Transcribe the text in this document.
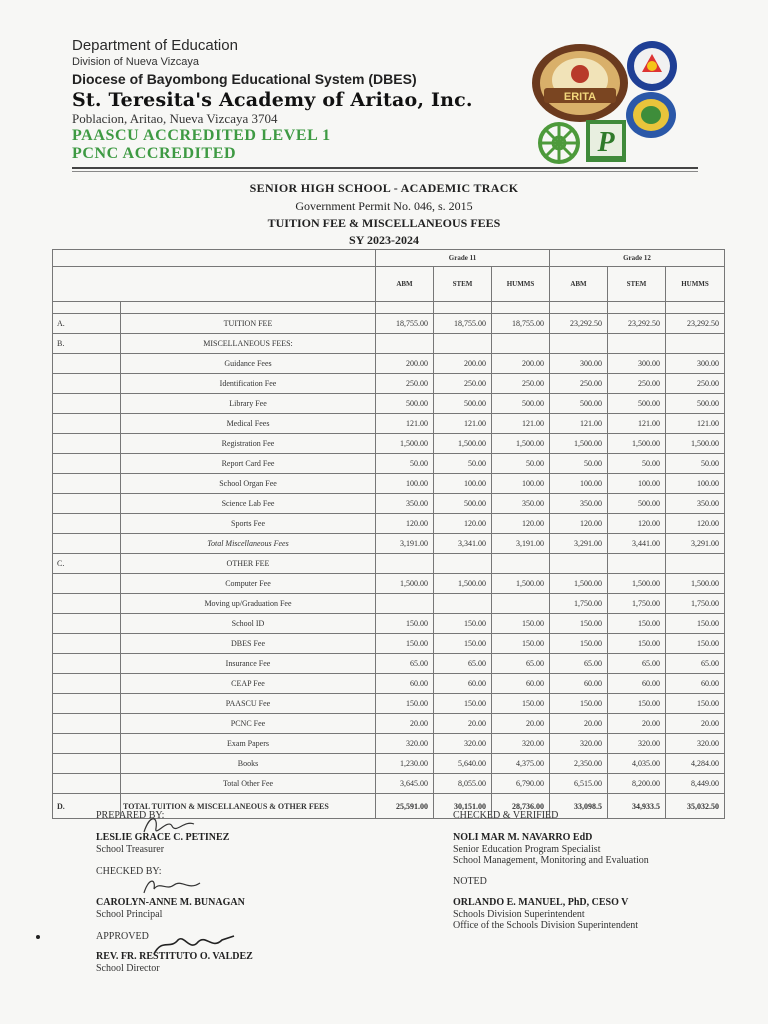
Department of Education
Division of Nueva Vizcaya
Diocese of Bayombong Educational System (DBES)
St. Teresita's Academy of Aritao, Inc.
Poblacion, Aritao, Nueva Vizcaya 3704
PAASCU ACCREDITED LEVEL 1
PCNC ACCREDITED
ERITA
P
SENIOR HIGH SCHOOL - ACADEMIC TRACK
Government Permit No. 046, s. 2015
TUITION FEE & MISCELLANEOUS FEES
SY 2023-2024
		Grade 11			Grade 12		
		ABM	STEM	HUMMS	ABM	STEM	HUMMS

A.	TUITION FEE	18,755.00	18,755.00	18,755.00	23,292.50	23,292.50	23,292.50
B.	MISCELLANEOUS FEES:						
	Guidance Fees	200.00	200.00	200.00	300.00	300.00	300.00
	Identification Fee	250.00	250.00	250.00	250.00	250.00	250.00
	Library Fee	500.00	500.00	500.00	500.00	500.00	500.00
	Medical Fees	121.00	121.00	121.00	121.00	121.00	121.00
	Registration Fee	1,500.00	1,500.00	1,500.00	1,500.00	1,500.00	1,500.00
	Report Card Fee	50.00	50.00	50.00	50.00	50.00	50.00
	School Organ Fee	100.00	100.00	100.00	100.00	100.00	100.00
	Science Lab Fee	350.00	500.00	350.00	350.00	500.00	350.00
	Sports Fee	120.00	120.00	120.00	120.00	120.00	120.00
	Total Miscellaneous Fees	3,191.00	3,341.00	3,191.00	3,291.00	3,441.00	3,291.00
C.	OTHER FEE						
	Computer Fee	1,500.00	1,500.00	1,500.00	1,500.00	1,500.00	1,500.00
	Moving up/Graduation Fee				1,750.00	1,750.00	1,750.00
	School ID	150.00	150.00	150.00	150.00	150.00	150.00
	DBES Fee	150.00	150.00	150.00	150.00	150.00	150.00
	Insurance Fee	65.00	65.00	65.00	65.00	65.00	65.00
	CEAP Fee	60.00	60.00	60.00	60.00	60.00	60.00
	PAASCU Fee	150.00	150.00	150.00	150.00	150.00	150.00
	PCNC Fee	20.00	20.00	20.00	20.00	20.00	20.00
	Exam Papers	320.00	320.00	320.00	320.00	320.00	320.00
	Books	1,230.00	5,640.00	4,375.00	2,350.00	4,035.00	4,284.00
	Total Other Fee	3,645.00	8,055.00	6,790.00	6,515.00	8,200.00	8,449.00
D.	TOTAL TUITION & MISCELLANEOUS & OTHER FEES	25,591.00	30,151.00	28,736.00	33,098.5	34,933.5	35,032.50
PREPARED BY:
LESLIE GRACE C. PETINEZ
School Treasurer
CHECKED BY:
CAROLYN-ANNE M. BUNAGAN
School Principal
APPROVED
REV. FR. RESTITUTO O. VALDEZ
School Director
CHECKED & VERIFIED
NOLI MAR M. NAVARRO EdD
Senior Education Program Specialist
School Management, Monitoring and Evaluation
NOTED
ORLANDO E. MANUEL, PhD, CESO V
Schools Division Superintendent
Office of the Schools Division Superintendent
